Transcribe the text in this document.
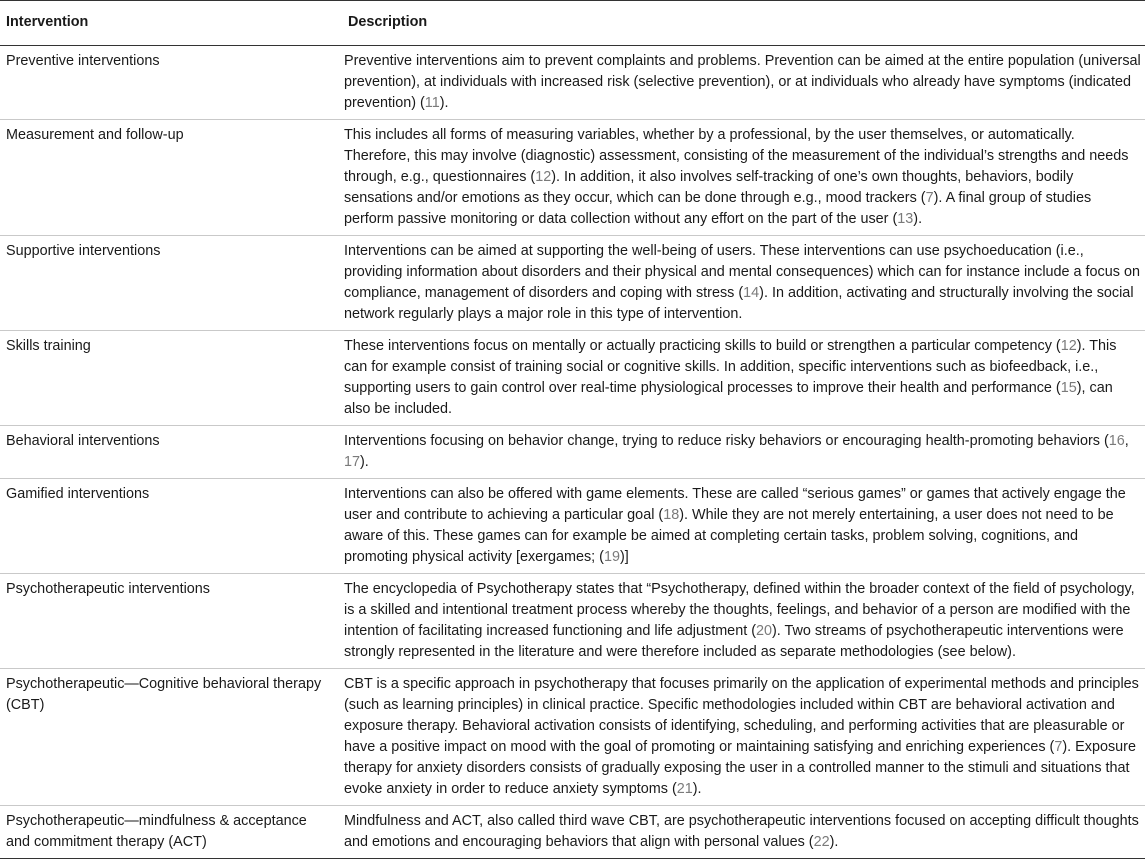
Intervention	Description
Preventive interventions	Preventive interventions aim to prevent complaints and problems. Prevention can be aimed at the entire population (universal prevention), at individuals with increased risk (selective prevention), or at individuals who already have symptoms (indicated prevention) (11).
Measurement and follow-up	This includes all forms of measuring variables, whether by a professional, by the user themselves, or automatically. Therefore, this may involve (diagnostic) assessment, consisting of the measurement of the individual’s strengths and needs through, e.g., questionnaires (12). In addition, it also involves self-tracking of one’s own thoughts, behaviors, bodily sensations and/or emotions as they occur, which can be done through e.g., mood trackers (7). A final group of studies perform passive monitoring or data collection without any effort on the part of the user (13).
Supportive interventions	Interventions can be aimed at supporting the well-being of users. These interventions can use psychoeducation (i.e., providing information about disorders and their physical and mental consequences) which can for instance include a focus on compliance, management of disorders and coping with stress (14). In addition, activating and structurally involving the social network regularly plays a major role in this type of intervention.
Skills training	These interventions focus on mentally or actually practicing skills to build or strengthen a particular competency (12). This can for example consist of training social or cognitive skills. In addition, specific interventions such as biofeedback, i.e., supporting users to gain control over real-time physiological processes to improve their health and performance (15), can also be included.
Behavioral interventions	Interventions focusing on behavior change, trying to reduce risky behaviors or encouraging health-promoting behaviors (16, 17).
Gamified interventions	Interventions can also be offered with game elements. These are called “serious games” or games that actively engage the user and contribute to achieving a particular goal (18). While they are not merely entertaining, a user does not need to be aware of this. These games can for example be aimed at completing certain tasks, problem solving, cognitions, and promoting physical activity [exergames; (19)]
Psychotherapeutic interventions	The encyclopedia of Psychotherapy states that “Psychotherapy, defined within the broader context of the field of psychology, is a skilled and intentional treatment process whereby the thoughts, feelings, and behavior of a person are modified with the intention of facilitating increased functioning and life adjustment (20). Two streams of psychotherapeutic interventions were strongly represented in the literature and were therefore included as separate methodologies (see below).
Psychotherapeutic—Cognitive behavioral therapy (CBT)	CBT is a specific approach in psychotherapy that focuses primarily on the application of experimental methods and principles (such as learning principles) in clinical practice. Specific methodologies included within CBT are behavioral activation and exposure therapy. Behavioral activation consists of identifying, scheduling, and performing activities that are pleasurable or have a positive impact on mood with the goal of promoting or maintaining satisfying and enriching experiences (7). Exposure therapy for anxiety disorders consists of gradually exposing the user in a controlled manner to the stimuli and situations that evoke anxiety in order to reduce anxiety symptoms (21).
Psychotherapeutic—mindfulness & acceptance and commitment therapy (ACT)	Mindfulness and ACT, also called third wave CBT, are psychotherapeutic interventions focused on accepting difficult thoughts and emotions and encouraging behaviors that align with personal values (22).
